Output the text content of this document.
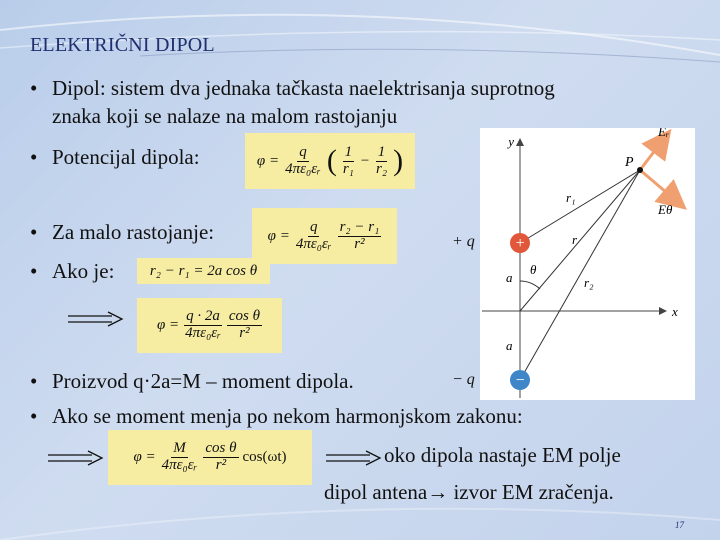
ELEKTRIČNI DIPOL
• Dipol: sistem dva jednaka tačkasta naelektrisanja suprotnog
znaka koji se nalaze na malom rastojanju
• Potencijal dipola:	$\varphi = \frac{q}{\text{4πε₀εᵣ}}$ ( $\frac{1}{\text{r₁}} - \frac{1}{\text{r₂}}$ )
• Za malo rastojanje:	$\varphi = \frac{q}{\text{4πε₀εᵣ}} \frac{\text{r₂ − r₁}}{\text{r²}}$
• Ako je: r₂ − r₁ = 2a cos θ
$\varphi = \frac{q \cdot 2a}{\text{4πε₀εᵣ}} \frac{\text{cos θ}}{\text{r²}}$
+
−
y
x
P
Eᵣ
Eθ
r₁
r
r₂
θ
a
a
+ q
− q
• Proizvod q·2a=M – moment dipola.
• Ako se moment menja po nekom harmonjskom zakonu:
$\varphi = \frac{M}{\text{4πε₀εᵣ}} \frac{\text{cos θ}}{\text{r²}} \cos(\omega t)$	oko dipola nastaje EM polje
dipol antena→ izvor EM zračenja.
17
